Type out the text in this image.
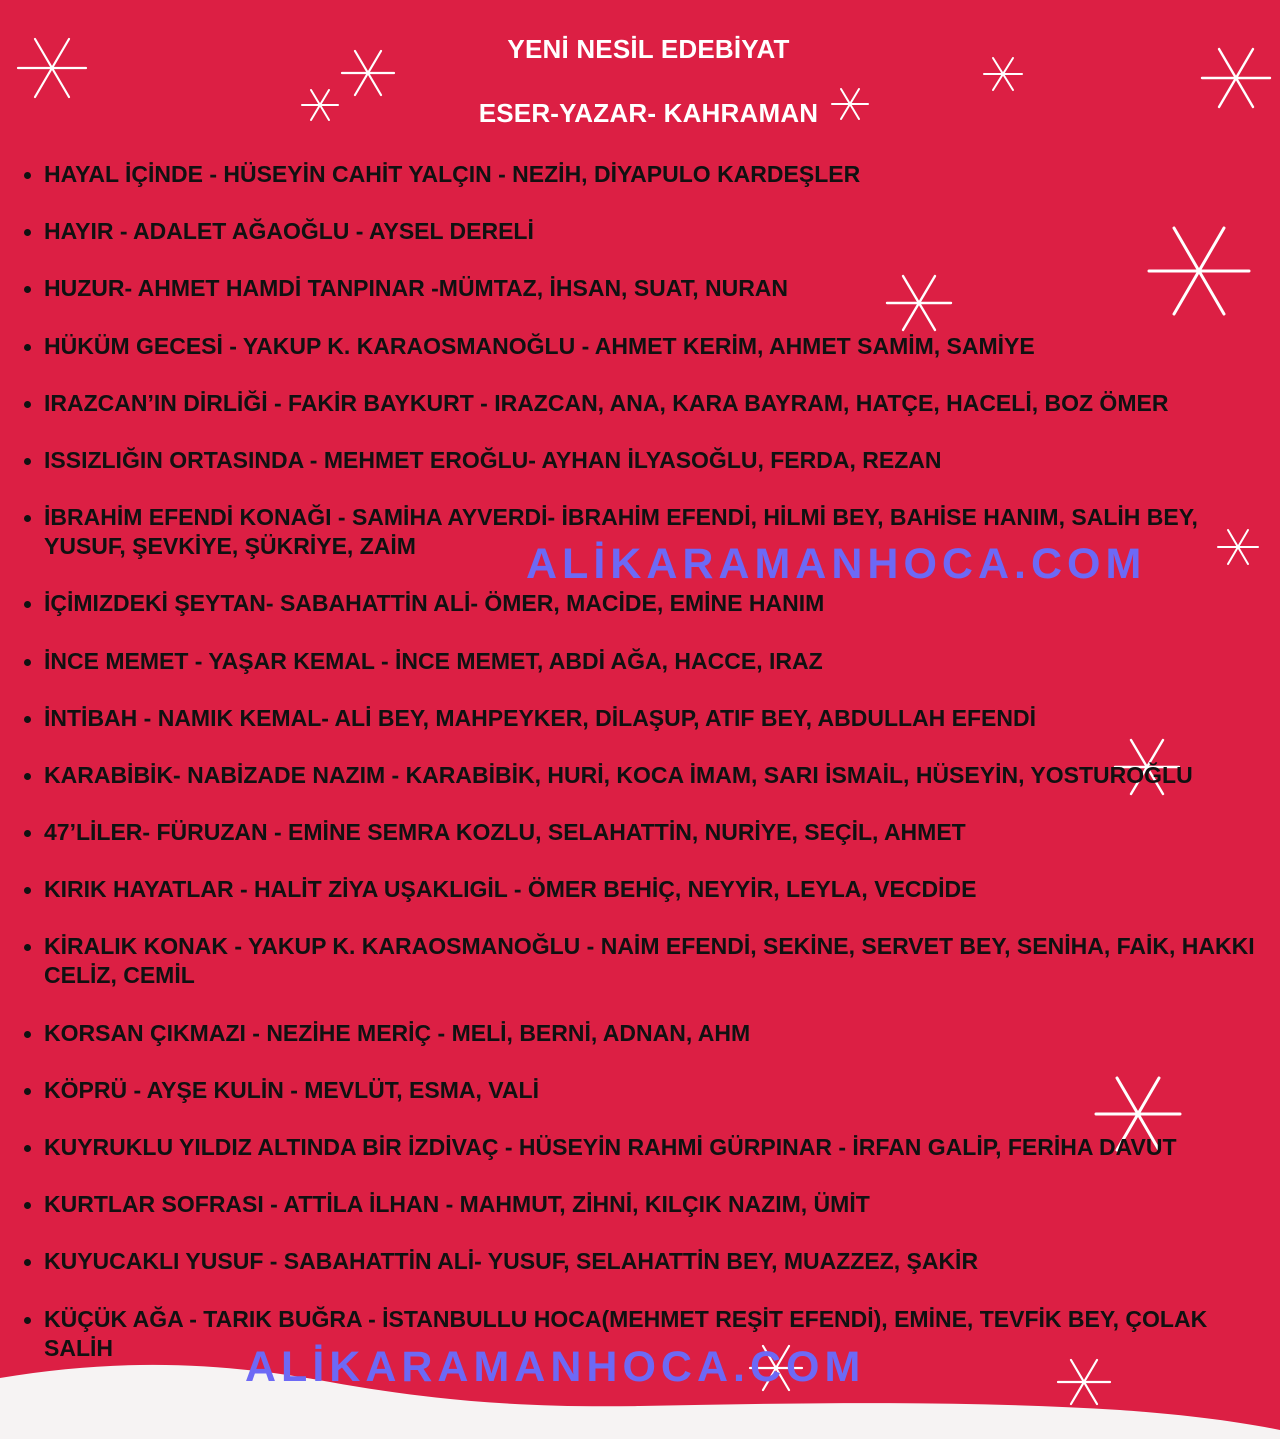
YENİ NESİL EDEBİYAT
ESER-YAZAR- KAHRAMAN
HAYAL İÇİNDE - HÜSEYİN CAHİT YALÇIN - NEZİH, DİYAPULO KARDEŞLER
HAYIR - ADALET AĞAOĞLU - AYSEL DERELİ
HUZUR- AHMET HAMDİ TANPINAR -MÜMTAZ, İHSAN, SUAT, NURAN
HÜKÜM GECESİ - YAKUP K. KARAOSMANOĞLU - AHMET KERİM, AHMET SAMİM, SAMİYE
IRAZCAN’IN DİRLİĞİ - FAKİR BAYKURT - IRAZCAN, ANA, KARA BAYRAM, HATÇE, HACELİ, BOZ ÖMER
ISSIZLIĞIN ORTASINDA - MEHMET EROĞLU- AYHAN İLYASOĞLU, FERDA, REZAN
İBRAHİM EFENDİ KONAĞI - SAMİHA AYVERDİ- İBRAHİM EFENDİ, HİLMİ BEY, BAHİSE HANIM, SALİH BEY, YUSUF, ŞEVKİYE, ŞÜKRİYE, ZAİM
İÇİMIZDEKİ ŞEYTAN- SABAHATTİN ALİ- ÖMER, MACİDE, EMİNE HANIM
İNCE MEMET - YAŞAR KEMAL - İNCE MEMET, ABDİ AĞA, HACCE, IRAZ
İNTİBAH - NAMIK KEMAL- ALİ BEY, MAHPEYKER, DİLAŞUP, ATIF BEY, ABDULLAH EFENDİ
KARABİBİK- NABİZADE NAZIM - KARABİBİK, HURİ, KOCA İMAM, SARI İSMAİL, HÜSEYİN, YOSTUROĞLU
47’LİLER- FÜRUZAN - EMİNE SEMRA KOZLU, SELAHATTİN, NURİYE, SEÇİL, AHMET
KIRIK HAYATLAR - HALİT ZİYA UŞAKLIGİL - ÖMER BEHİÇ, NEYYİR, LEYLA, VECDİDE
KİRALIK KONAK - YAKUP K. KARAOSMANOĞLU - NAİM EFENDİ, SEKİNE, SERVET BEY, SENİHA, FAİK, HAKKI CELİZ, CEMİL
KORSAN ÇIKMAZI - NEZİHE MERİÇ - MELİ, BERNİ, ADNAN, AHM
KÖPRÜ - AYŞE KULİN - MEVLÜT, ESMA, VALİ
KUYRUKLU YILDIZ ALTINDA BİR İZDİVAÇ - HÜSEYİN RAHMİ GÜRPINAR - İRFAN GALİP, FERİHA DAVUT
KURTLAR SOFRASI - ATTİLA İLHAN - MAHMUT, ZİHNİ, KILÇIK NAZIM, ÜMİT
KUYUCAKLI YUSUF - SABAHATTİN ALİ- YUSUF, SELAHATTİN BEY, MUAZZEZ, ŞAKİR
KÜÇÜK AĞA - TARIK BUĞRA - İSTANBULLU HOCA(MEHMET REŞİT EFENDİ), EMİNE, TEVFİK BEY, ÇOLAK SALİH
ALİKARAMANHOCA.COM
ALİKARAMANHOCA.COM
